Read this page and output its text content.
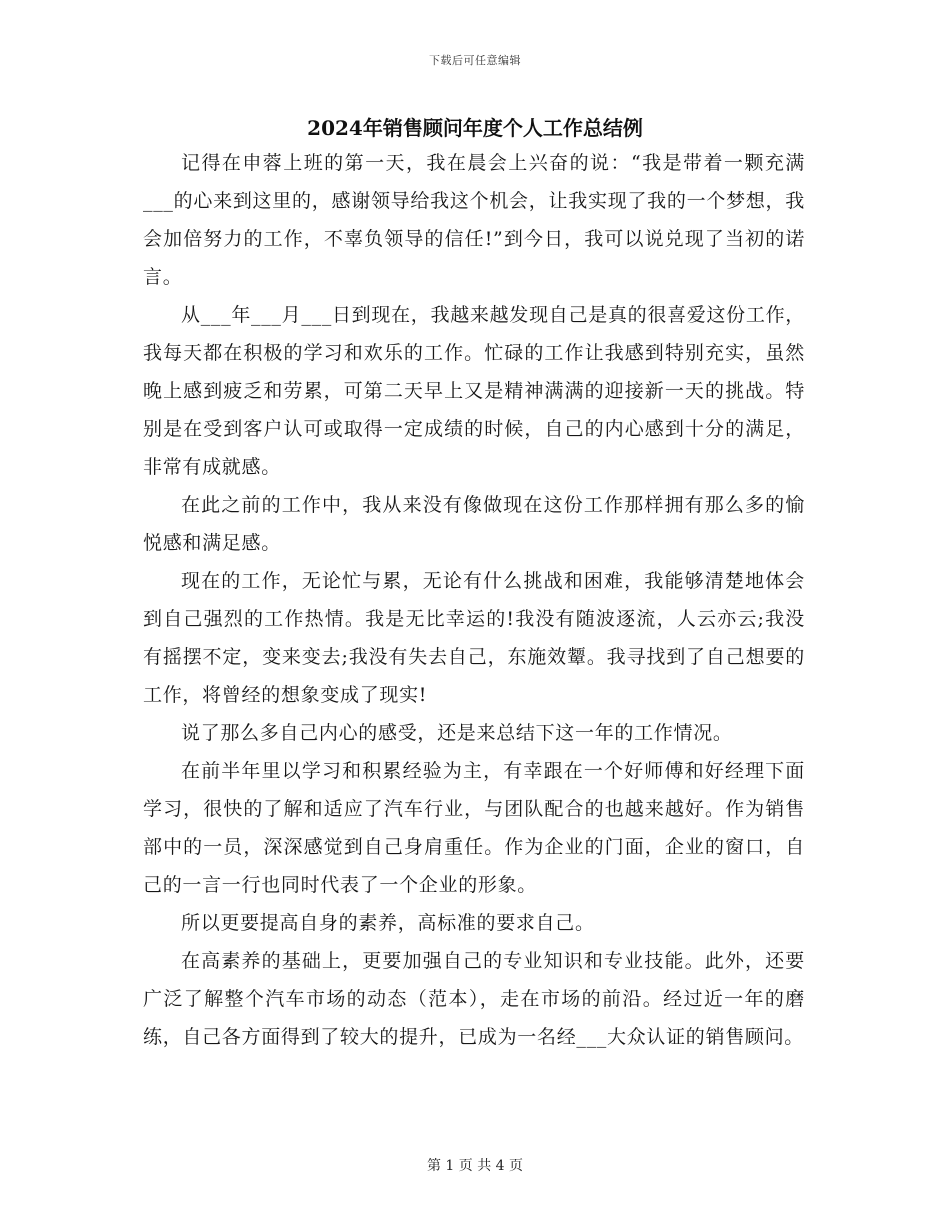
下载后可任意编辑
2024年销售顾问年度个人工作总结例

记得在申蓉上班的第一天，我在晨会上兴奋的说：“我是带着一颗充满___的心来到这里的，感谢领导给我这个机会，让我实现了我的一个梦想，我会加倍努力的工作，不辜负领导的信任!”到今日，我可以说兑现了当初的诺言。

从___年___月___日到现在，我越来越发现自己是真的很喜爱这份工作，我每天都在积极的学习和欢乐的工作。忙碌的工作让我感到特别充实，虽然晚上感到疲乏和劳累，可第二天早上又是精神满满的迎接新一天的挑战。特别是在受到客户认可或取得一定成绩的时候，自己的内心感到十分的满足，非常有成就感。

在此之前的工作中，我从来没有像做现在这份工作那样拥有那么多的愉悦感和满足感。

现在的工作，无论忙与累，无论有什么挑战和困难，我能够清楚地体会到自己强烈的工作热情。我是无比幸运的!我没有随波逐流，人云亦云;我没有摇摆不定，变来变去;我没有失去自己，东施效颦。我寻找到了自己想要的工作，将曾经的想象变成了现实!

说了那么多自己内心的感受，还是来总结下这一年的工作情况。

在前半年里以学习和积累经验为主，有幸跟在一个好师傅和好经理下面学习，很快的了解和适应了汽车行业，与团队配合的也越来越好。作为销售部中的一员，深深感觉到自己身肩重任。作为企业的门面，企业的窗口，自己的一言一行也同时代表了一个企业的形象。

所以更要提高自身的素养，高标准的要求自己。

在高素养的基础上，更要加强自己的专业知识和专业技能。此外，还要广泛了解整个汽车市场的动态（范本），走在市场的前沿。经过近一年的磨练，自己各方面得到了较大的提升，已成为一名经___大众认证的销售顾问。

第 1 页 共 4 页
